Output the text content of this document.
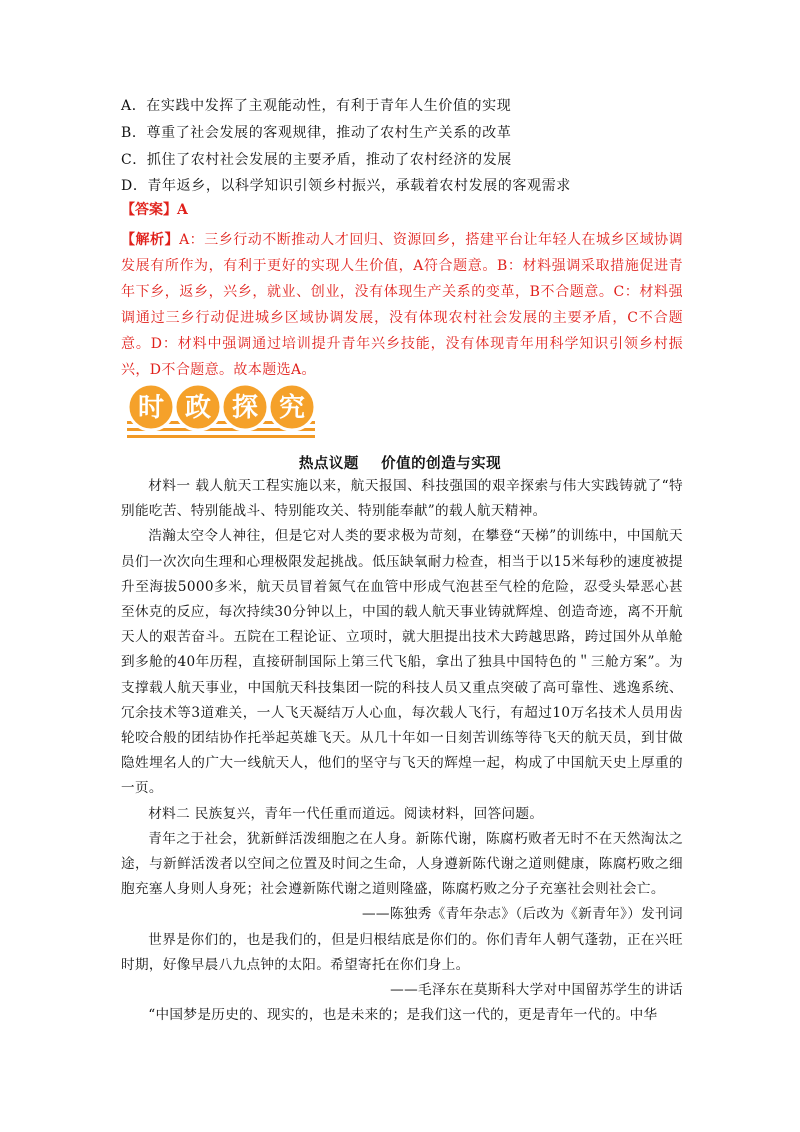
A．在实践中发挥了主观能动性，有利于青年人生价值的实现
B．尊重了社会发展的客观规律，推动了农村生产关系的改革
C．抓住了农村社会发展的主要矛盾，推动了农村经济的发展
D．青年返乡，以科学知识引领乡村振兴，承载着农村发展的客观需求
【答案】A
【解析】A：三乡行动不断推动人才回归、资源回乡，搭建平台让年轻人在城乡区域协调发展有所作为，有利于更好的实现人生价值，A符合题意。B：材料强调采取措施促进青年下乡，返乡，兴乡，就业、创业，没有体现生产关系的变革，B不合题意。C：材料强调通过三乡行动促进城乡区域协调发展，没有体现农村社会发展的主要矛盾，C不合题意。D：材料中强调通过培训提升青年兴乡技能，没有体现青年用科学知识引领乡村振兴，D不合题意。故本题选A。
时 政 探 究
热点议题    价值的创造与实现

材料一 载人航天工程实施以来，航天报国、科技强国的艰辛探索与伟大实践铸就了“特别能吃苦、特别能战斗、特别能攻关、特别能奉献”的载人航天精神。

浩瀚太空令人神往，但是它对人类的要求极为苛刻，在攀登“天梯”的训练中，中国航天员们一次次向生理和心理极限发起挑战。低压缺氧耐力检查，相当于以15米每秒的速度被提升至海拔5000多米，航天员冒着氮气在血管中形成气泡甚至气栓的危险，忍受头晕恶心甚至休克的反应，每次持续30分钟以上，中国的载人航天事业铸就辉煌、创造奇迹，离不开航天人的艰苦奋斗。五院在工程论证、立项时，就大胆提出技术大跨越思路，跨过国外从单舱到多舱的40年历程，直接研制国际上第三代飞船，拿出了独具中国特色的＂三舱方案”。为支撑载人航天事业，中国航天科技集团一院的科技人员又重点突破了高可靠性、逃逸系统、冗余技术等3道难关，一人飞天凝结万人心血，每次载人飞行，有超过10万名技术人员用齿轮咬合般的团结协作托举起英雄飞天。从几十年如一日刻苦训练等待飞天的航天员，到甘做隐姓埋名人的广大一线航天人，他们的坚守与飞天的辉煌一起，构成了中国航天史上厚重的一页。

材料二 民族复兴，青年一代任重而道远。阅读材料，回答问题。

青年之于社会，犹新鲜活泼细胞之在人身。新陈代谢，陈腐朽败者无时不在天然淘汰之途，与新鲜活泼者以空间之位置及时间之生命，人身遵新陈代谢之道则健康，陈腐朽败之细胞充塞人身则人身死；社会遵新陈代谢之道则隆盛，陈腐朽败之分子充塞社会则社会亡。

——陈独秀《青年杂志》（后改为《新青年》）发刊词

世界是你们的，也是我们的，但是归根结底是你们的。你们青年人朝气蓬勃，正在兴旺时期，好像早晨八九点钟的太阳。希望寄托在你们身上。

——毛泽东在莫斯科大学对中国留苏学生的讲话

“中国梦是历史的、现实的，也是未来的；是我们这一代的，更是青年一代的。中华
